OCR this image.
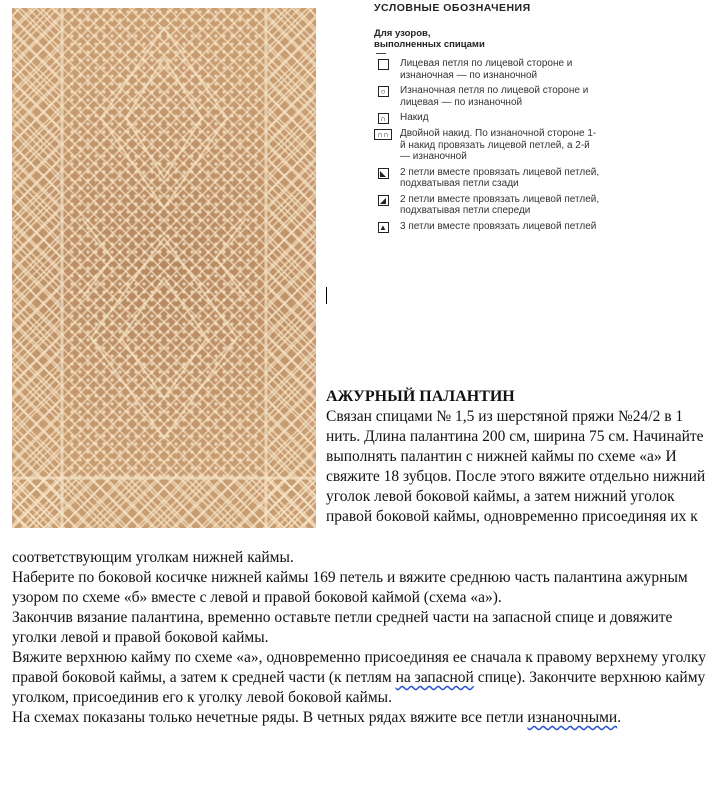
УСЛОВНЫЕ ОБОЗНАЧЕНИЯ
Для узоров,
выполненных спицами
Лицевая петля по лицевой стороне и изнаночная — по изнаночной
○	Изнаночная петля по лицевой стороне и лицевая — по изнаночной
∩ Накид
∩∩	Двойной накид. По изнаночной стороне 1-й накид провязать лицевой петлей, а 2-й — изнаночной
◣ 2 петли вместе провязать лицевой петлей, подхватывая петли сзади
◢ 2 петли вместе провязать лицевой петлей, подхватывая петли спереди
▲ 3 петли вместе провязать лицевой петлей
АЖУРНЫЙ ПАЛАНТИН

Связан спицами № 1,5 из шерстяной пряжи №24/2 в 1 нить. Длина палантина 200 см, ширина 75 см. Начинайте выполнять палантин с нижней каймы по схеме «а» И свяжите 18 зубцов. После этого вяжите отдельно нижний уголок левой боковой каймы, а затем нижний уголок правой боковой каймы, одновременно присоединяя их к

соответствующим уголкам нижней каймы.

Наберите по боковой косичке нижней каймы 169 петель и вяжите среднюю часть палантина ажурным узором по схеме «б» вместе с левой и правой боковой каймой (схема «а»).

Закончив вязание палантина, временно оставьте петли средней части на запасной спице и довяжите уголки левой и правой боковой каймы.

Вяжите верхнюю кайму по схеме «а», одновременно присоединяя ее сначала к правому верхнему уголку правой боковой каймы, а затем к средней части (к петлям на запасной спице). Закончите верхнюю кайму уголком, присоединив его к уголку левой боковой каймы.

На схемах показаны только нечетные ряды. В четных рядах вяжите все петли изнаночными.
